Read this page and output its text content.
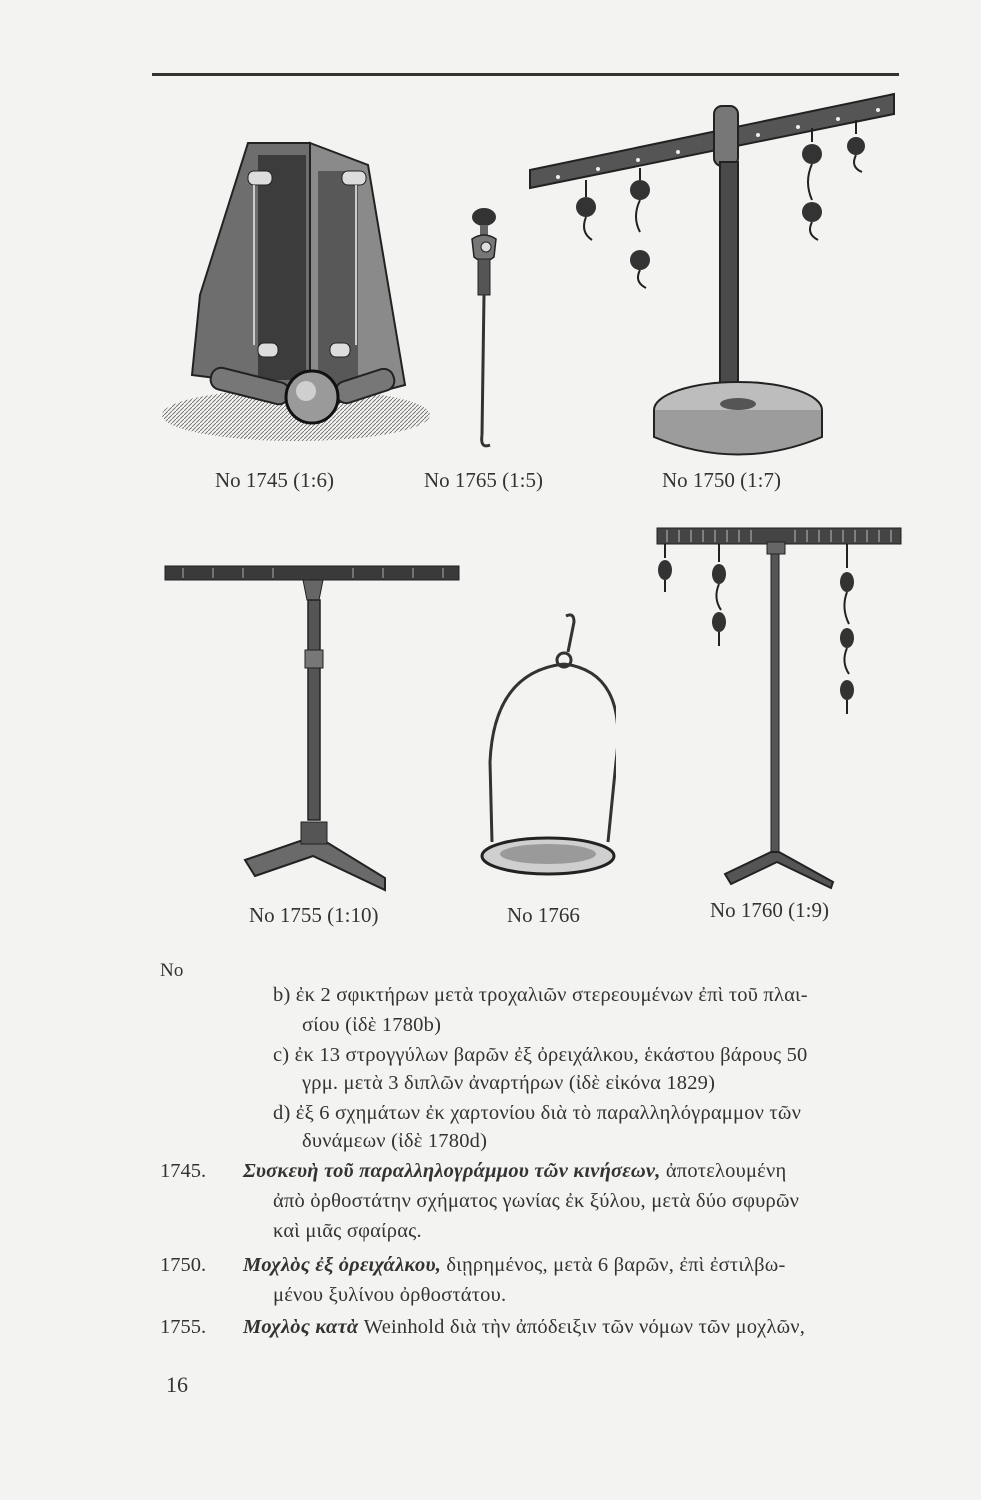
No 1745 (1:6)	No 1765 (1:5)	No 1750 (1:7)
No 1755 (1:10)	No 1766	No 1760 (1:9)
No
b) ἐκ 2 σφικτήρων μετὰ τροχαλιῶν στερεουμένων ἐπὶ τοῦ πλαι-
σίου (ἰδὲ 1780b)
c) ἐκ 13 στρογγύλων βαρῶν ἐξ ὀρειχάλκου, ἑκάστου βάρους 50
γρμ. μετὰ 3 διπλῶν ἀναρτήρων (ἰδὲ εἰκόνα 1829)
d) ἐξ 6 σχημάτων ἐκ χαρτονίου διὰ τὸ παραλληλόγραμμον τῶν
δυνάμεων (ἰδὲ 1780d)
1745. Συσκευὴ τοῦ παραλληλογράμμου τῶν κινήσεων, ἀποτελουμένη
ἀπὸ ὀρθοστάτην σχήματος γωνίας ἐκ ξύλου, μετὰ δύο σφυρῶν
καὶ μιᾶς σφαίρας.
1750. Μοχλὸς ἐξ ὀρειχάλκου, διῃρημένος, μετὰ 6 βαρῶν, ἐπὶ ἐστιλβω-
μένου ξυλίνου ὀρθοστάτου.
1755. Μοχλὸς κατὰ Weinhold διὰ τὴν ἀπόδειξιν τῶν νόμων τῶν μοχλῶν,
16
